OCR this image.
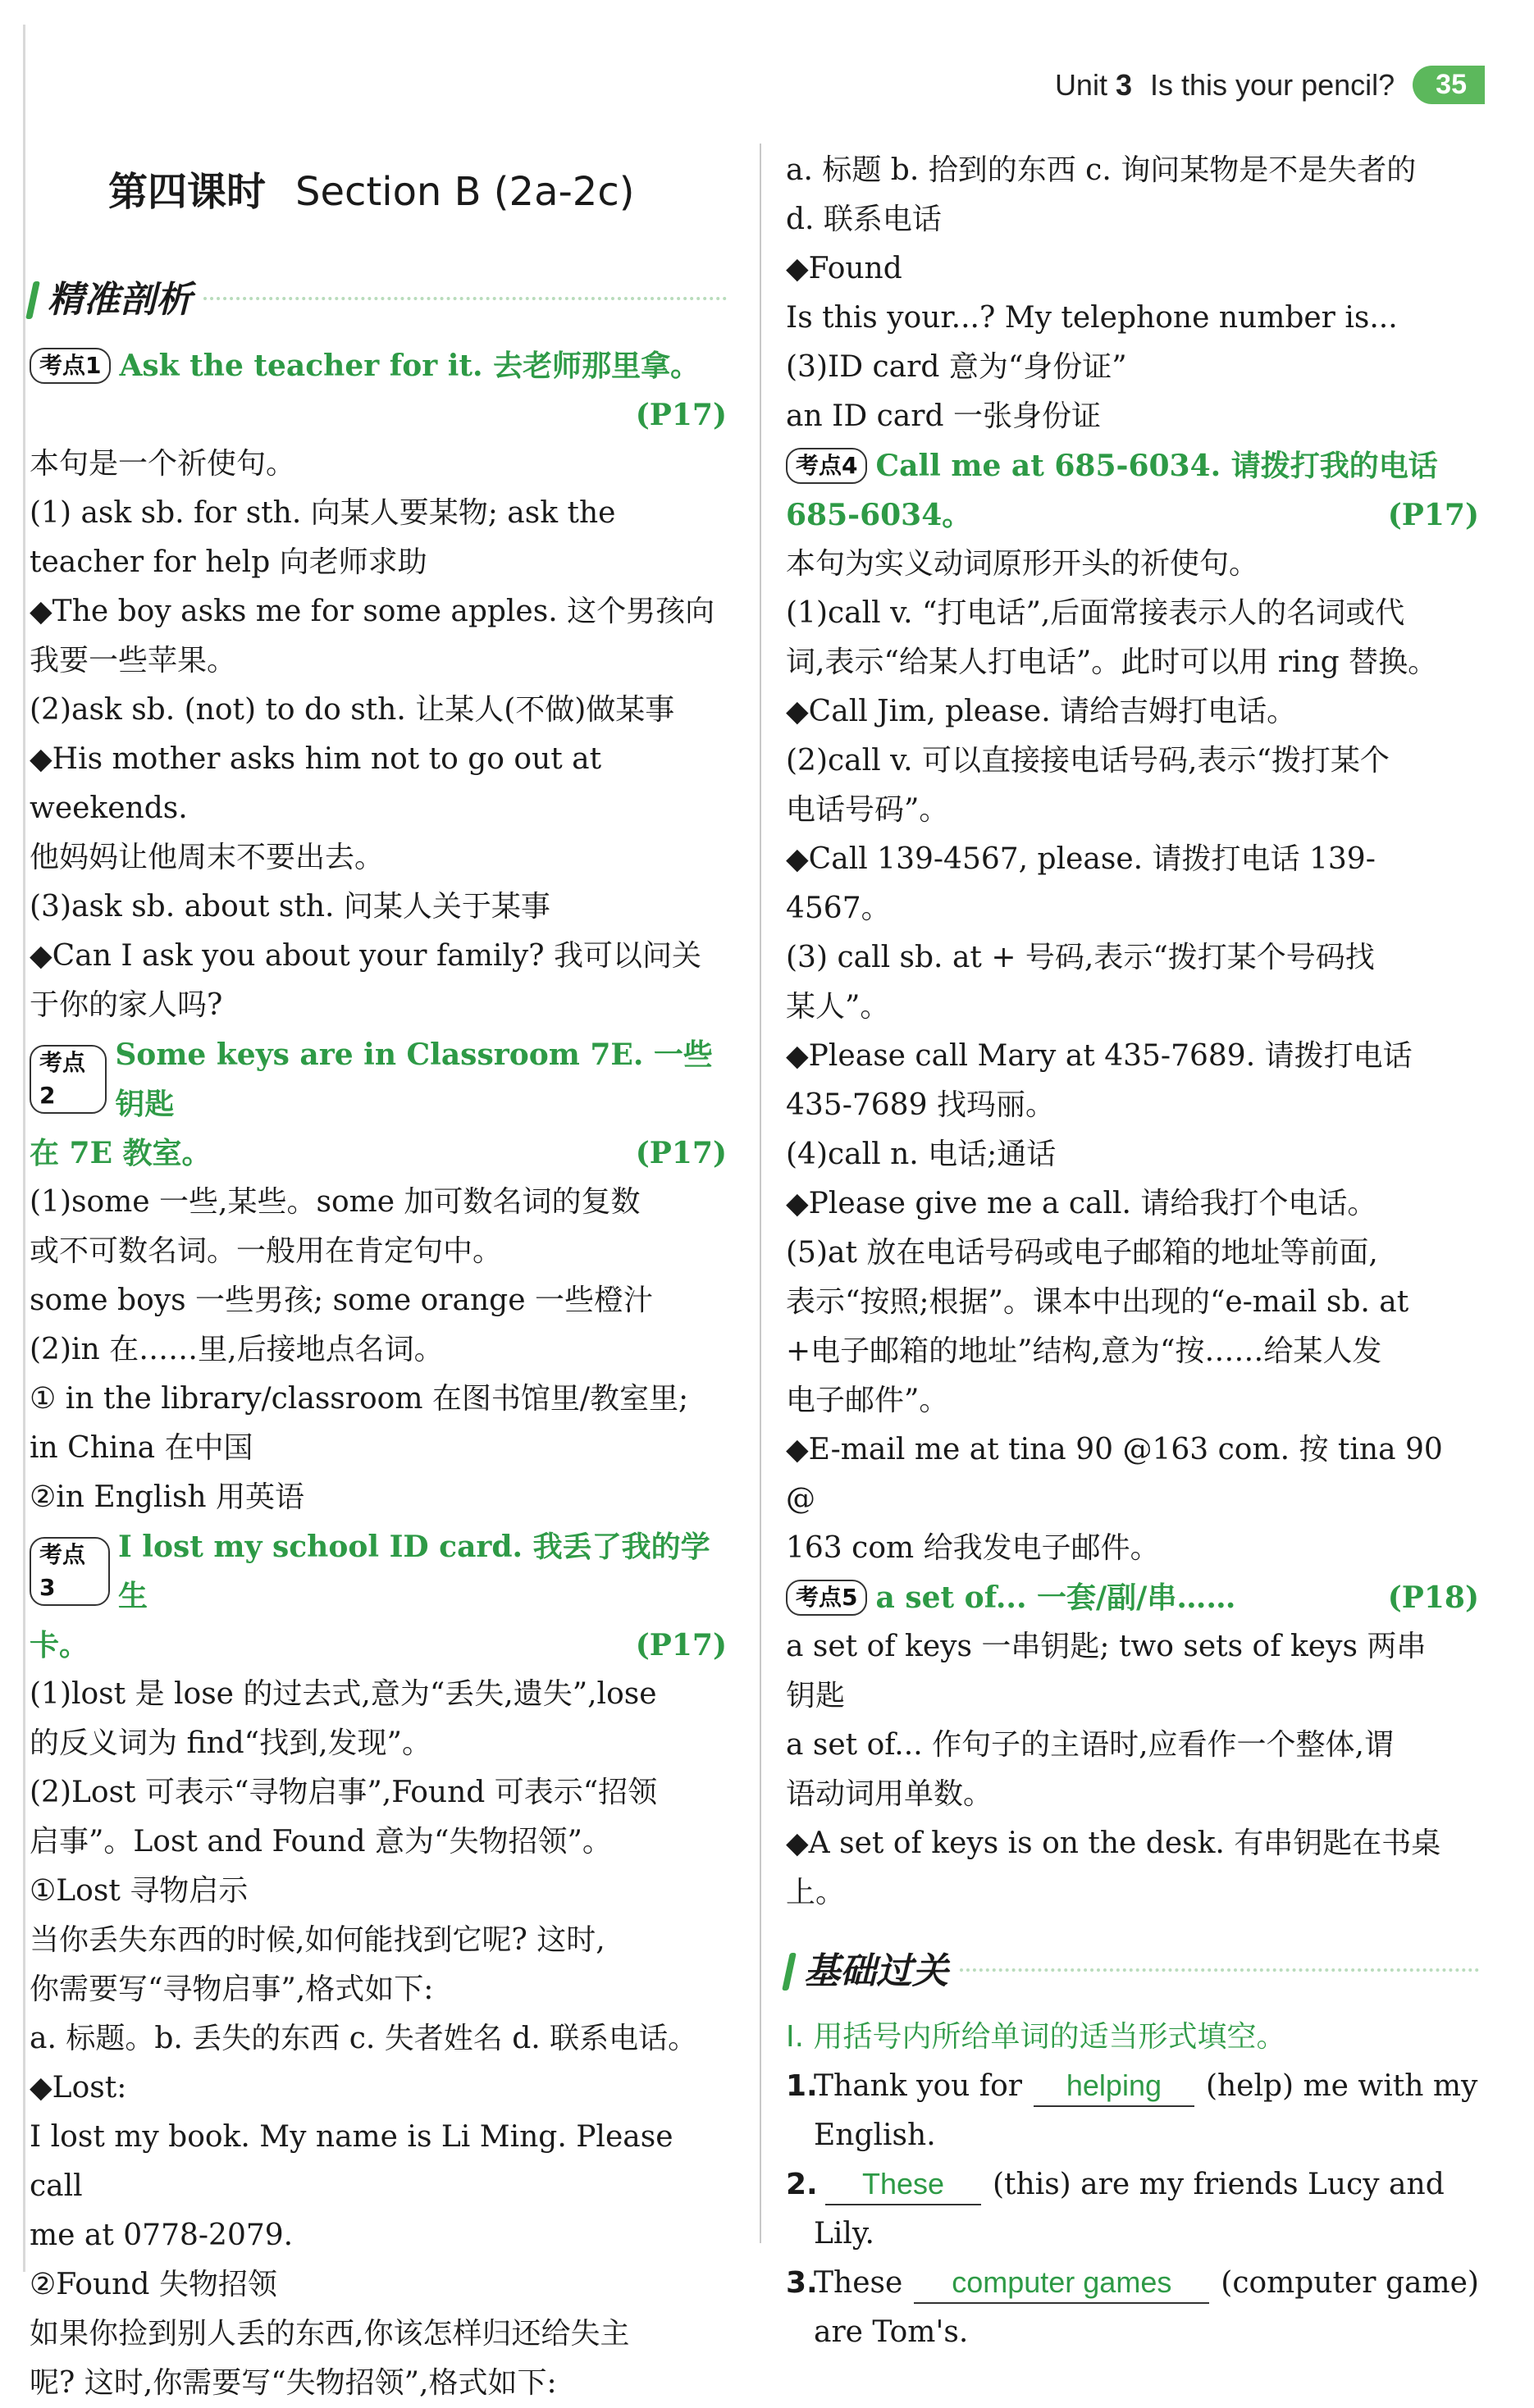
Unit 3 Is this your pencil?	35
第四课时 Section B (2a-2c)
精准剖析
考点1 Ask the teacher for it. 去老师那里拿。
(P17)

本句是一个祈使句。

(1) ask sb. for sth. 向某人要某物; ask the

teacher for help 向老师求助

◆The boy asks me for some apples. 这个男孩向

我要一些苹果。

(2)ask sb. (not) to do sth. 让某人(不做)做某事

◆His mother asks him not to go out at weekends.

他妈妈让他周末不要出去。

(3)ask sb. about sth. 问某人关于某事

◆Can I ask you about your family? 我可以问关

于你的家人吗?

考点2
Some keys are in Classroom 7E. 一些钥匙
在 7E 教室。	(P17)

(1)some 一些,某些。some 加可数名词的复数

或不可数名词。一般用在肯定句中。

some boys 一些男孩; some orange 一些橙汁

(2)in 在……里,后接地点名词。

① in the library/classroom 在图书馆里/教室里;

in China 在中国

②in English 用英语

考点3
I lost my school ID card. 我丢了我的学生
卡。	(P17)

(1)lost 是 lose 的过去式,意为“丢失,遗失”,lose

的反义词为 find“找到,发现”。

(2)Lost 可表示“寻物启事”,Found 可表示“招领

启事”。Lost and Found 意为“失物招领”。

①Lost 寻物启示

当你丢失东西的时候,如何能找到它呢? 这时,

你需要写“寻物启事”,格式如下:

a. 标题。b. 丢失的东西 c. 失者姓名 d. 联系电话。

◆Lost:

I lost my book. My name is Li Ming. Please call

me at 0778-2079.

②Found 失物招领

如果你捡到别人丢的东西,你该怎样归还给失主

呢? 这时,你需要写“失物招领”,格式如下:

a. 标题 b. 拾到的东西 c. 询问某物是不是失者的

d. 联系电话

◆Found

Is this your...? My telephone number is...

(3)ID card 意为“身份证”

an ID card 一张身份证

考点4 Call me at 685-6034. 请拨打我的电话
685-6034。	(P17)

本句为实义动词原形开头的祈使句。

(1)call v. “打电话”,后面常接表示人的名词或代

词,表示“给某人打电话”。此时可以用 ring 替换。

◆Call Jim, please. 请给吉姆打电话。

(2)call v. 可以直接接电话号码,表示“拨打某个

电话号码”。

◆Call 139-4567, please. 请拨打电话 139-4567。

(3) call sb. at + 号码,表示“拨打某个号码找

某人”。

◆Please call Mary at 435-7689. 请拨打电话

435-7689 找玛丽。

(4)call n. 电话;通话

◆Please give me a call. 请给我打个电话。

(5)at 放在电话号码或电子邮箱的地址等前面,

表示“按照;根据”。课本中出现的“e-mail sb. at

+电子邮箱的地址”结构,意为“按……给某人发

电子邮件”。

◆E-mail me at tina 90 @163 com. 按 tina 90 @

163 com 给我发电子邮件。

考点5 a set of... 一套/副/串……	(P18)

a set of keys 一串钥匙; two sets of keys 两串

钥匙

a set of... 作句子的主语时,应看作一个整体,谓

语动词用单数。

◆A set of keys is on the desk. 有串钥匙在书桌上。

基础过关
Ⅰ. 用括号内所给单词的适当形式填空。
1.
Thank you for	helping	(help) me with my
English.
2.	These	(this) are my friends Lucy and
Lily.
3.
These	computer games	(computer game)
are Tom's.
